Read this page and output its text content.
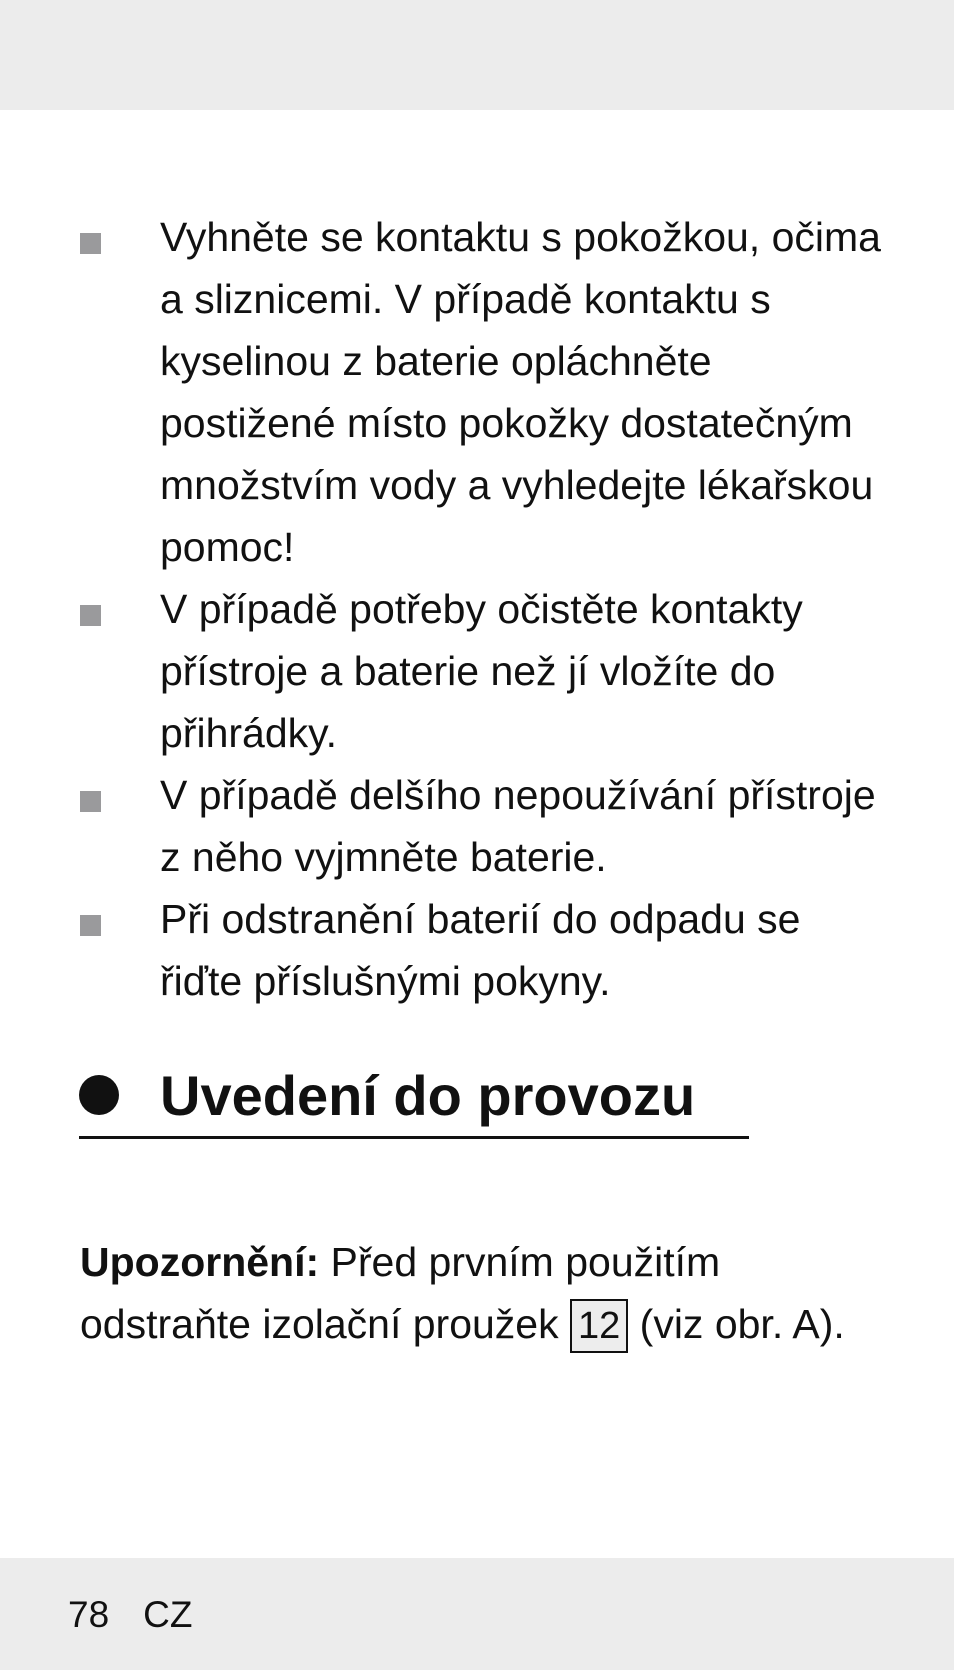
Vyhněte se kontaktu s pokožkou, očima a sliznicemi. V případě kontaktu s kyselinou z baterie opláchněte postižené místo pokožky dostatečným množstvím vody a vyhledejte lékařskou pomoc!
V případě potřeby očistěte kontakty přístroje a baterie než jí vložíte do přihrádky.
V případě delšího nepoužívání přístroje z něho vyjmněte baterie.
Při odstranění baterií do odpadu se řiďte příslušnými pokyny.
Uvedení do provozu

Upozornění: Před prvním použitím odstraňte izolační proužek 12 (viz obr. A).

78 CZ
